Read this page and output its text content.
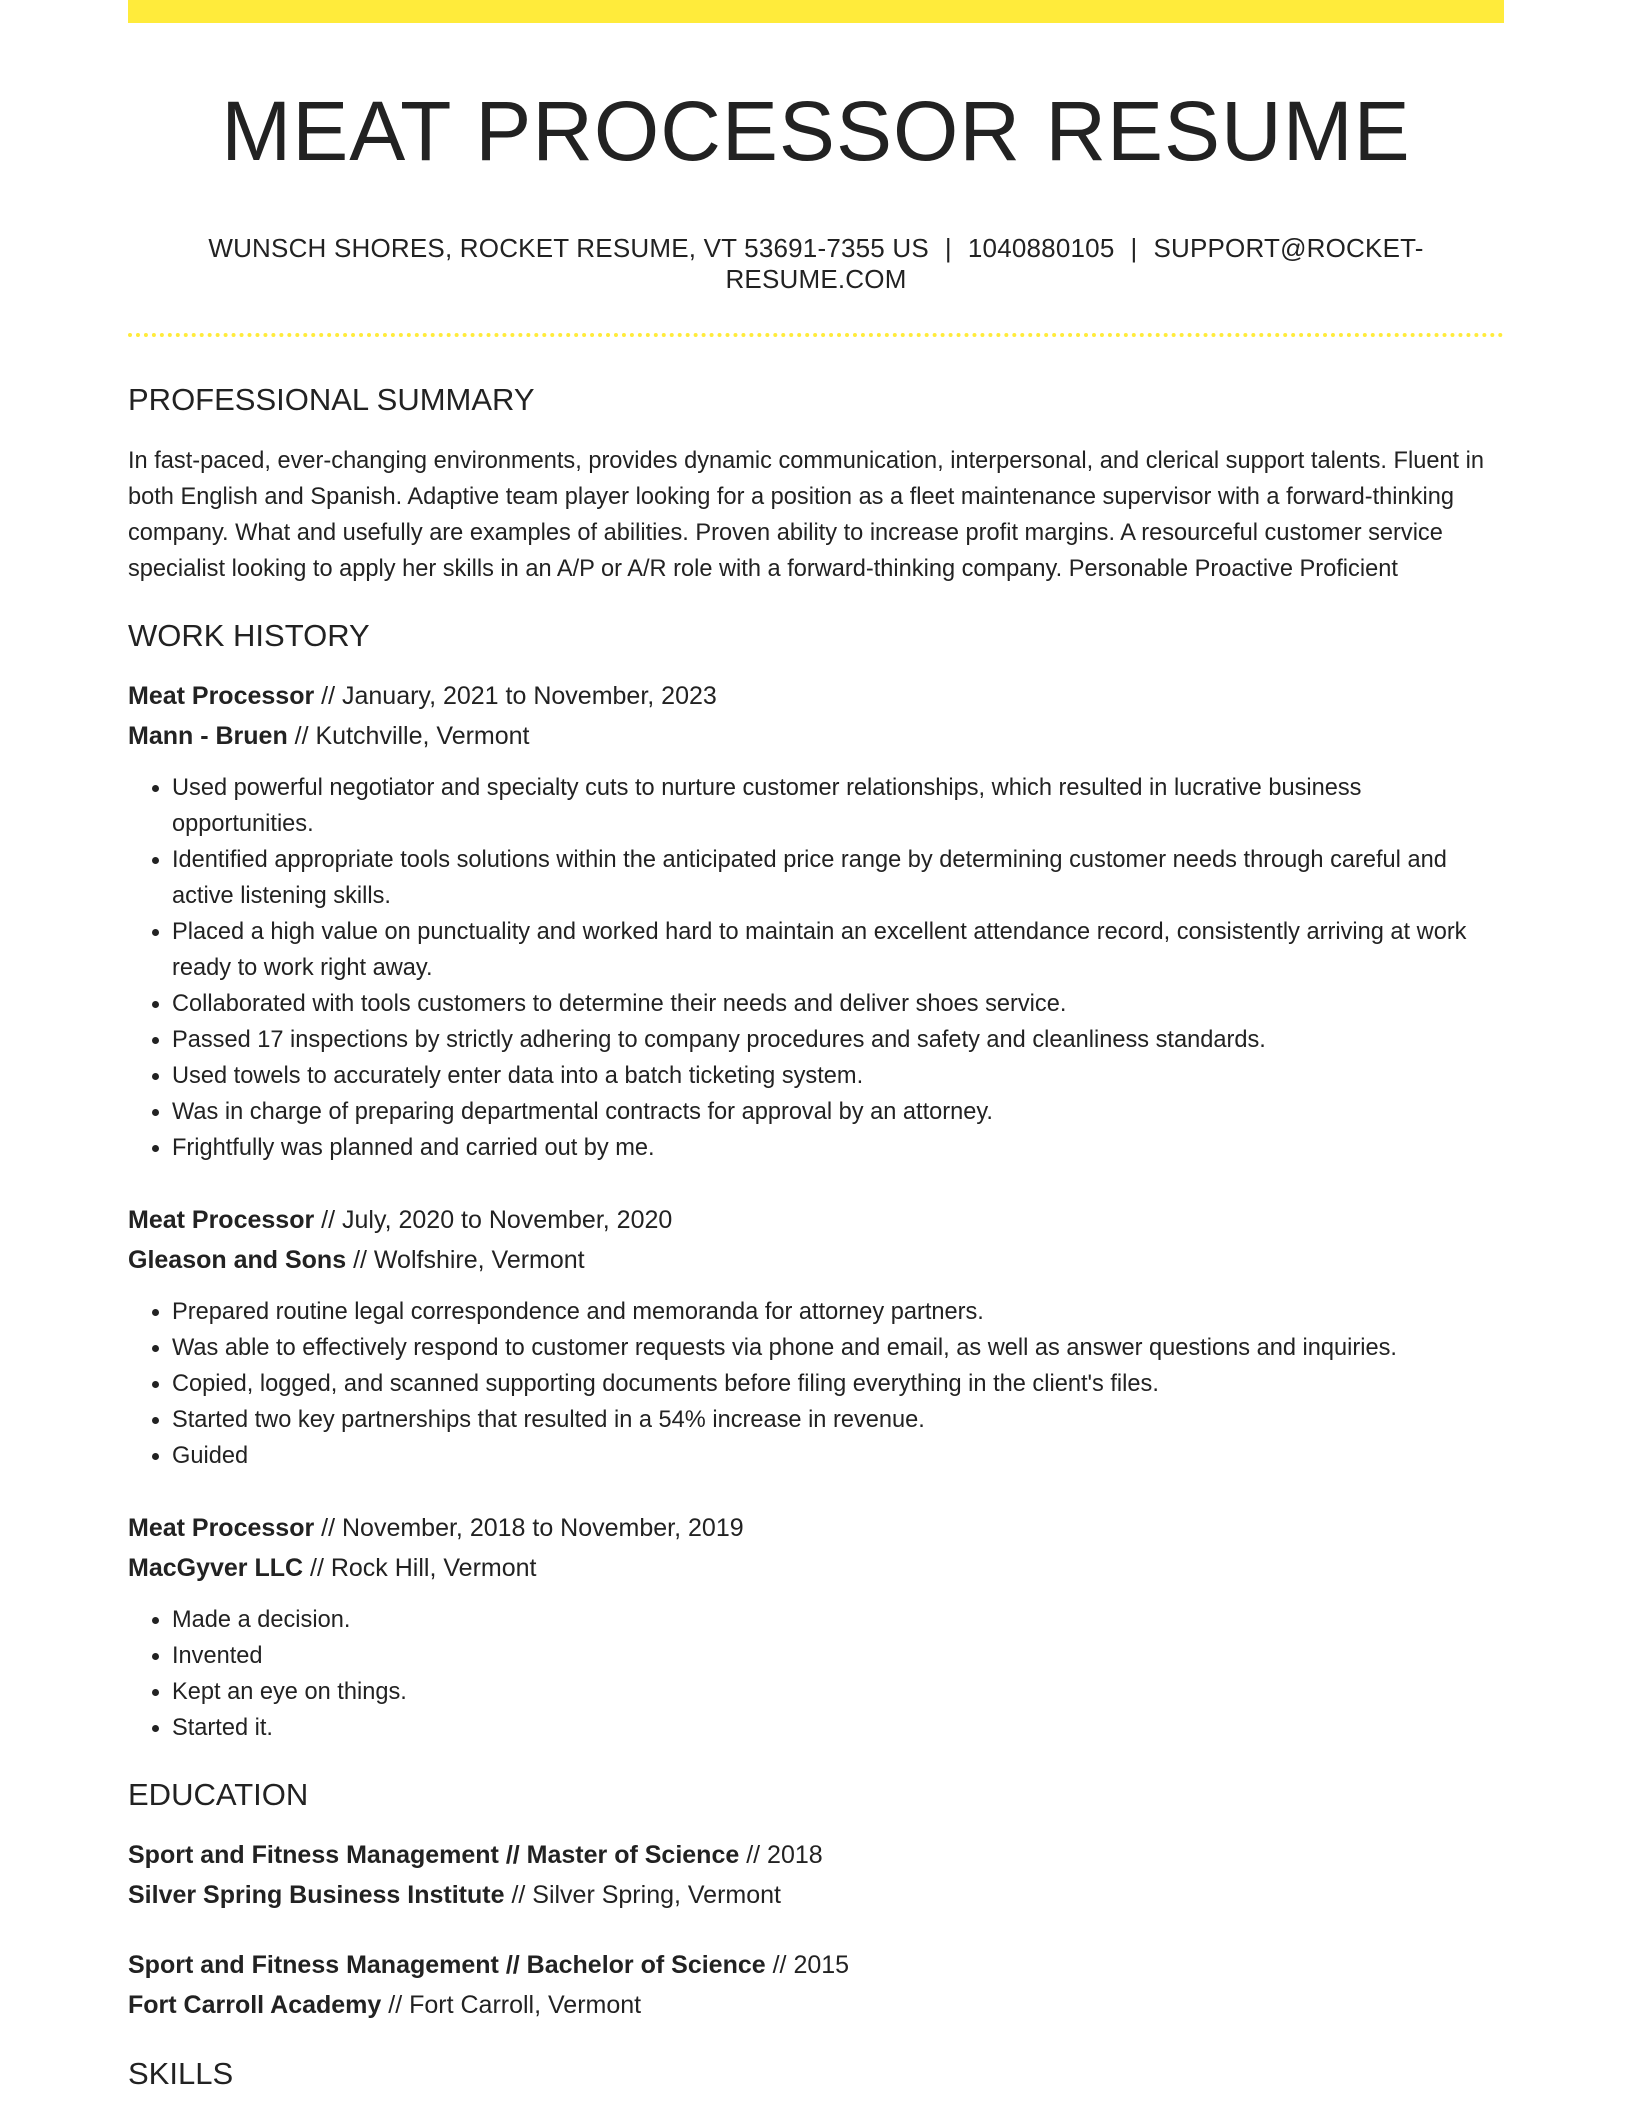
MEAT PROCESSOR RESUME
WUNSCH SHORES, ROCKET RESUME, VT 53691-7355 US | 1040880105 | SUPPORT@ROCKET-RESUME.COM
PROFESSIONAL SUMMARY

In fast-paced, ever-changing environments, provides dynamic communication, interpersonal, and clerical support talents. Fluent in both English and Spanish. Adaptive team player looking for a position as a fleet maintenance supervisor with a forward-thinking company. What and usefully are examples of abilities. Proven ability to increase profit margins. A resourceful customer service specialist looking to apply her skills in an A/P or A/R role with a forward-thinking company. Personable Proactive Proficient

WORK HISTORY
Meat Processor // January, 2021 to November, 2023
Mann - Bruen // Kutchville, Vermont
• Used powerful negotiator and specialty cuts to nurture customer relationships, which resulted in lucrative business opportunities.
• Identified appropriate tools solutions within the anticipated price range by determining customer needs through careful and active listening skills.
• Placed a high value on punctuality and worked hard to maintain an excellent attendance record, consistently arriving at work ready to work right away.
• Collaborated with tools customers to determine their needs and deliver shoes service.
• Passed 17 inspections by strictly adhering to company procedures and safety and cleanliness standards.
• Used towels to accurately enter data into a batch ticketing system.
• Was in charge of preparing departmental contracts for approval by an attorney.
• Frightfully was planned and carried out by me.
Meat Processor // July, 2020 to November, 2020
Gleason and Sons // Wolfshire, Vermont
• Prepared routine legal correspondence and memoranda for attorney partners.
• Was able to effectively respond to customer requests via phone and email, as well as answer questions and inquiries.
• Copied, logged, and scanned supporting documents before filing everything in the client's files.
• Started two key partnerships that resulted in a 54% increase in revenue.
• Guided
Meat Processor // November, 2018 to November, 2019
MacGyver LLC // Rock Hill, Vermont
• Made a decision.
• Invented
• Kept an eye on things.
• Started it.
EDUCATION
Sport and Fitness Management // Master of Science // 2018
Silver Spring Business Institute // Silver Spring, Vermont
Sport and Fitness Management // Bachelor of Science // 2015
Fort Carroll Academy // Fort Carroll, Vermont
SKILLS
